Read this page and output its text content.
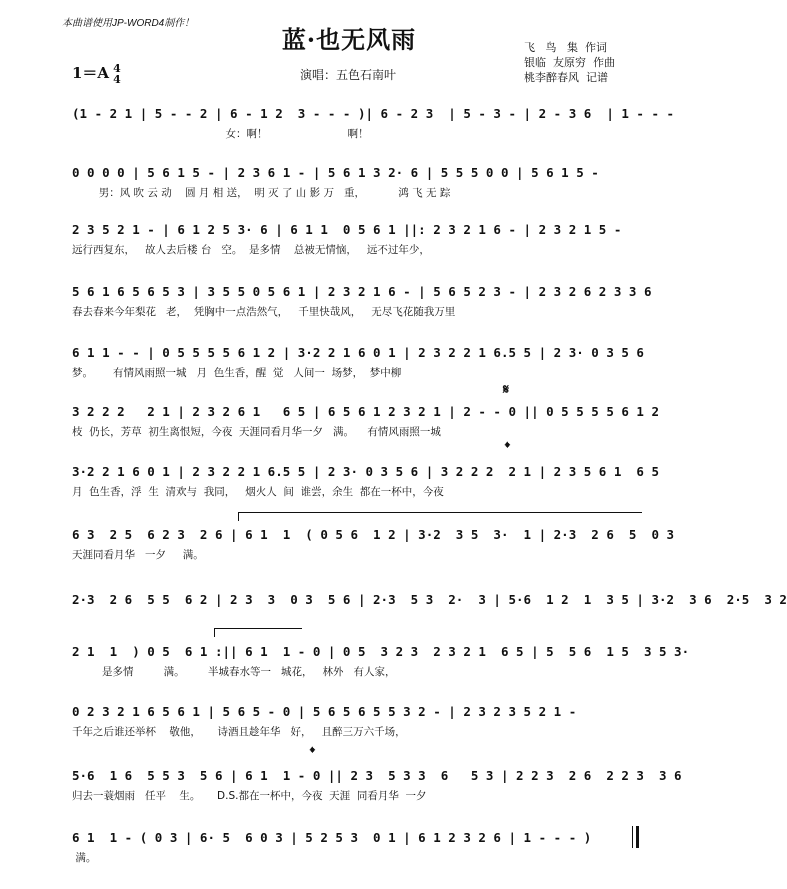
本曲谱使用JP-WORD4制作！
蓝·也无风雨
1＝A 4
4	演唱：五色石南叶
飞   鸟   集  作词
银临  友原穷  作曲
桃李醉春风  记谱
(1 - 2 1 | 5 - - 2 | 6 - 1 2  3 - - - )| 6 - 2 3  | 5 - 3 - | 2 - 3 6  | 1 - - -
女：啊！                        啊！
0 0 0 0 | 5 6 1 5 - | 2 3 6 1 - | 5 6 1 3 2· 6 | 5 5 5 0 0 | 5 6 1 5 -
男：风 吹 云 动    圆 月 相 送，  明 灭 了 山 影 万   重，          鸿 飞 无 踪
2 3 5 2 1 - | 6 1 2 5 3· 6 | 6 1 1  0 5 6 1 ||: 2 3 2 1 6 - | 2 3 2 1 5 -
远行西复东，   故人去后楼 台   空。  是多情    总被无情恼，   远不过年少，
5 6 1 6 5 6 5 3 | 3 5 5 0 5 6 1 | 2 3 2 1 6 - | 5 6 5 2 3 - | 2 3 2 6 2 3 3 6
春去春来今年梨花   老，  凭胸中一点浩然气，   千里快哉风，   无尽飞花随我万里
6 1 1 - - | 0 5 5 5 5 6 1 2 | 3·2 2 1 6 0 1 | 2 3 2 2 1 6.5 5 | 2 3· 0 3 5 6
梦。      有情风雨照一城   月  色生香，醒  觉   人间一  场梦，  梦中柳
3 2 2 2   2 1 | 2 3 2 6 1   6 5 | 6 5 6 1 2 3 2 1 | 2 - - 0 || 0 5 5 5 5 6 1 2
枝  仍长，芳草  初生离恨短，今夜  天涯同看月华一夕   满。    有情风雨照一城
3·2 2 1 6 0 1 | 2 3 2 2 1 6.5 5 | 2 3· 0 3 5 6 | 3 2 2 2  2 1 | 2 3 5 6 1  6 5
月  色生香，浮  生  清欢与  我同，   烟火人  间  谁尝，余生  都在一杯中，今夜
6 3  2 5  6 2 3  2 6 | 6 1  1  ( 0 5 6  1 2 | 3·2  3 5  3·  1 | 2·3  2 6  5  0 3
天涯同看月华   一夕     满。
2·3  2 6  5 5  6 2 | 2 3  3  0 3  5 6 | 2·3  5 3  2·  3 | 5·6  1 2  1  3 5 | 3·2  3 6  2·5  3 2
2 1  1  ) 0 5  6 1 :|| 6 1  1 - 0 | 0 5  3 2 3  2 3 2 1  6 5 | 5  5 6  1 5  3 5 3·
是多情         满。       半城春水等一   城花，   林外   有人家，
0 2 3 2 1 6 5 6 1 | 5 6 5 - 0 | 5 6 5 6 5 5 3 2 - | 2 3 2 3 5 2 1 -
千年之后谁还举杯    敬他，     诗酒且趁年华   好，   且醉三万六千场，
5·6  1 6  5 5 3  5 6 | 6 1  1 - 0 || 2 3  5 3 3  6   5 3 | 2 2 3  2 6  2 2 3  3 6
归去一蓑烟雨   任平    生。     D.S.都在一杯中，今夜  天涯  同看月华  一夕
6 1  1 - ( 0 3 | 6· 5  6 0 3 | 5 2 5 3  0 1 | 6 1 2 3 2 6 | 1 - - - )
满。
𝄋
𝄌
𝄌
